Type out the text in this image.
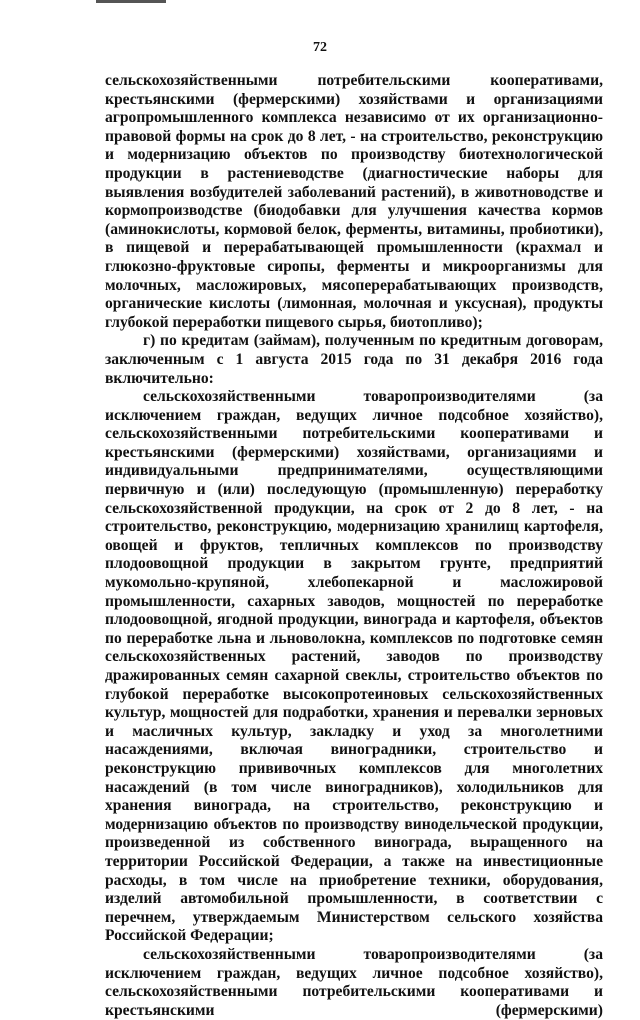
72

сельскохозяйственными потребительскими кооперативами, крестьянскими (фермерскими) хозяйствами и организациями агропромышленного комплекса независимо от их организационно-правовой формы на срок до 8 лет, - на строительство, реконструкцию и модернизацию объектов по производству биотехнологической продукции в растениеводстве (диагностические наборы для выявления возбудителей заболеваний растений), в животноводстве и кормопроизводстве (биодобавки для улучшения качества кормов (аминокислоты, кормовой белок, ферменты, витамины, пробиотики), в пищевой и перерабатывающей промышленности (крахмал и глюкозно-фруктовые сиропы, ферменты и микроорганизмы для молочных, масложировых, мясоперерабатывающих производств, органические кислоты (лимонная, молочная и уксусная), продукты глубокой переработки пищевого сырья, биотопливо);

г) по кредитам (займам), полученным по кредитным договорам, заключенным с 1 августа 2015 года по 31 декабря 2016 года включительно:

сельскохозяйственными товаропроизводителями (за исключением граждан, ведущих личное подсобное хозяйство), сельскохозяйственными потребительскими кооперативами и крестьянскими (фермерскими) хозяйствами, организациями и индивидуальными предпринимателями, осуществляющими первичную и (или) последующую (промышленную) переработку сельскохозяйственной продукции, на срок от 2 до 8 лет, - на строительство, реконструкцию, модернизацию хранилищ картофеля, овощей и фруктов, тепличных комплексов по производству плодоовощной продукции в закрытом грунте, предприятий мукомольно-крупяной, хлебопекарной и масложировой промышленности, сахарных заводов, мощностей по переработке плодоовощной, ягодной продукции, винограда и картофеля, объектов по переработке льна и льноволокна, комплексов по подготовке семян сельскохозяйственных растений, заводов по производству дражированных семян сахарной свеклы, строительство объектов по глубокой переработке высокопротеиновых сельскохозяйственных культур, мощностей для подработки, хранения и перевалки зерновых и масличных культур, закладку и уход за многолетними насаждениями, включая виноградники, строительство и реконструкцию прививочных комплексов для многолетних насаждений (в том числе виноградников), холодильников для хранения винограда, на строительство, реконструкцию и модернизацию объектов по производству винодельческой продукции, произведенной из собственного винограда, выращенного на территории Российской Федерации, а также на инвестиционные расходы, в том числе на приобретение техники, оборудования, изделий автомобильной промышленности, в соответствии с перечнем, утверждаемым Министерством сельского хозяйства Российской Федерации;

сельскохозяйственными товаропроизводителями (за исключением граждан, ведущих личное подсобное хозяйство), сельскохозяйственными потребительскими кооперативами и крестьянскими (фермерскими)
